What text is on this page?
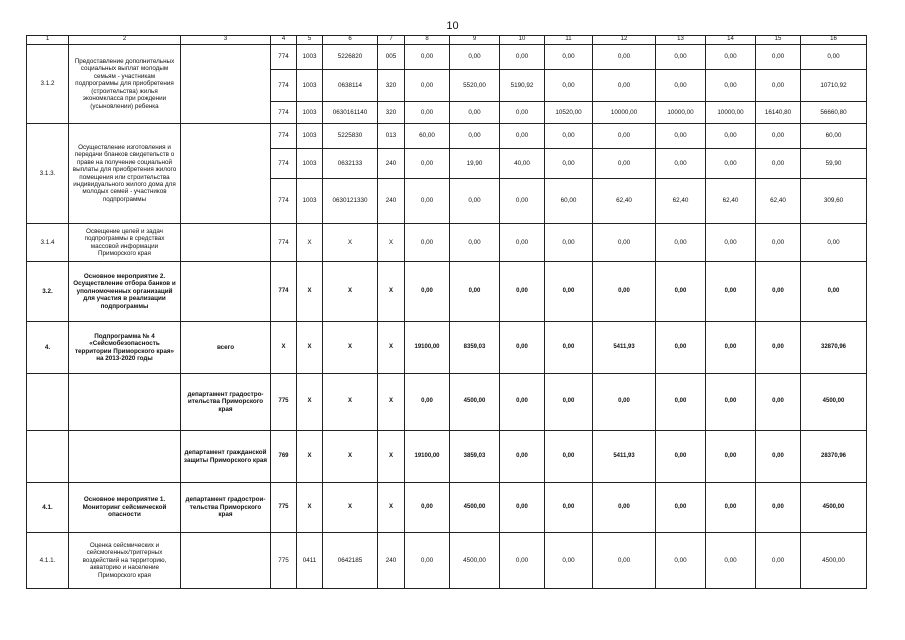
10
1	2	3	4	5	6	7	8	9	10	11	12	13	14	15	16
3.1.2	Предоставление дополнительных социальных выплат молодым семьям - участникам подпрограммы для приобретения (строительства) жилья экономкласса при рождении (усыновлении) ребенка		774	1003	5226820	005	0,00	0,00	0,00	0,00	0,00	0,00	0,00	0,00	0,00
			774	1003	0638114	320	0,00	5520,00	5190,92	0,00	0,00	0,00	0,00	0,00	10710,92
			774	1003	0630161140	320	0,00	0,00	0,00	10520,00	10000,00	10000,00	10000,00	16140,80	56660,80
3.1.3.	Осуществление изготовления и передачи бланков свидетельств о праве на получение социальной выплаты для приобретения жилого помещения или строительства индивидуального жилого дома для молодых семей - участников подпрограммы		774	1003	5225830	013	60,00	0,00	0,00	0,00	0,00	0,00	0,00	0,00	60,00
			774	1003	0632133	240	0,00	19,90	40,00	0,00	0,00	0,00	0,00	0,00	59,90
			774	1003	0630121330	240	0,00	0,00	0,00	60,00	62,40	62,40	62,40	62,40	309,60
3.1.4	Освещение целей и задач подпрограммы в средствах массовой информации Приморского края		774	X	X	X	0,00	0,00	0,00	0,00	0,00	0,00	0,00	0,00	0,00
3.2.	Основное мероприятие 2. Осуществление отбора банков и уполномоченных организаций для участия в реализации подпрограммы		774	X	X	X	0,00	0,00	0,00	0,00	0,00	0,00	0,00	0,00	0,00
4.	Подпрограмма № 4 «Сейсмобезопасность территории Приморского края» на 2013-2020 годы	всего	X	X	X	X	19100,00	8359,03	0,00	0,00	5411,93	0,00	0,00	0,00	32870,96
		департамент градостро-ительства Приморского края	775	X	X	X	0,00	4500,00	0,00	0,00	0,00	0,00	0,00	0,00	4500,00
		департамент гражданской защиты Приморского края	769	X	X	X	19100,00	3859,03	0,00	0,00	5411,93	0,00	0,00	0,00	28370,96
4.1.	Основное мероприятие 1. Мониторинг сейсмической опасности	департамент градострои-тельства Приморского края	775	X	X	X	0,00	4500,00	0,00	0,00	0,00	0,00	0,00	0,00	4500,00
4.1.1.	Оценка сейсмических и сейсмогенных/триггерных воздействий на территорию, акваторию и население Приморского края		775	0411	0642185	240	0,00	4500,00	0,00	0,00	0,00	0,00	0,00	0,00	4500,00
